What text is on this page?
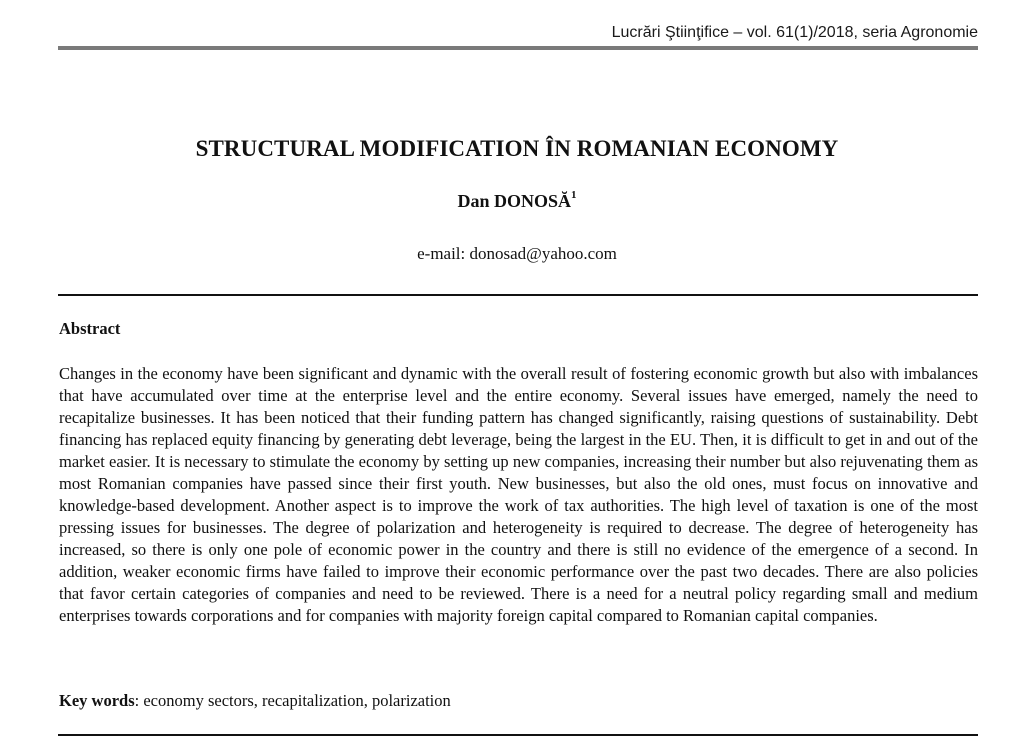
Lucrări Ştiinţifice – vol. 61(1)/2018, seria Agronomie
STRUCTURAL MODIFICATION ÎN ROMANIAN ECONOMY
Dan DONOSĂ$^1$
e-mail: donosad@yahoo.com
Abstract
Changes in the economy have been significant and dynamic with the overall result of fostering economic growth but also with imbalances that have accumulated over time at the enterprise level and the entire economy. Several issues have emerged, namely the need to recapitalize businesses. It has been noticed that their funding pattern has changed significantly, raising questions of sustainability. Debt financing has replaced equity financing by generating debt leverage, being the largest in the EU. Then, it is difficult to get in and out of the market easier. It is necessary to stimulate the economy by setting up new companies, increasing their number but also rejuvenating them as most Romanian companies have passed since their first youth. New businesses, but also the old ones, must focus on innovative and knowledge-based development. Another aspect is to improve the work of tax authorities. The high level of taxation is one of the most pressing issues for businesses. The degree of polarization and heterogeneity is required to decrease. The degree of heterogeneity has increased, so there is only one pole of economic power in the country and there is still no evidence of the emergence of a second. In addition, weaker economic firms have failed to improve their economic performance over the past two decades. There are also policies that favor certain categories of companies and need to be reviewed. There is a need for a neutral policy regarding small and medium enterprises towards corporations and for companies with majority foreign capital compared to Romanian capital companies.
Key words: economy sectors, recapitalization, polarization
